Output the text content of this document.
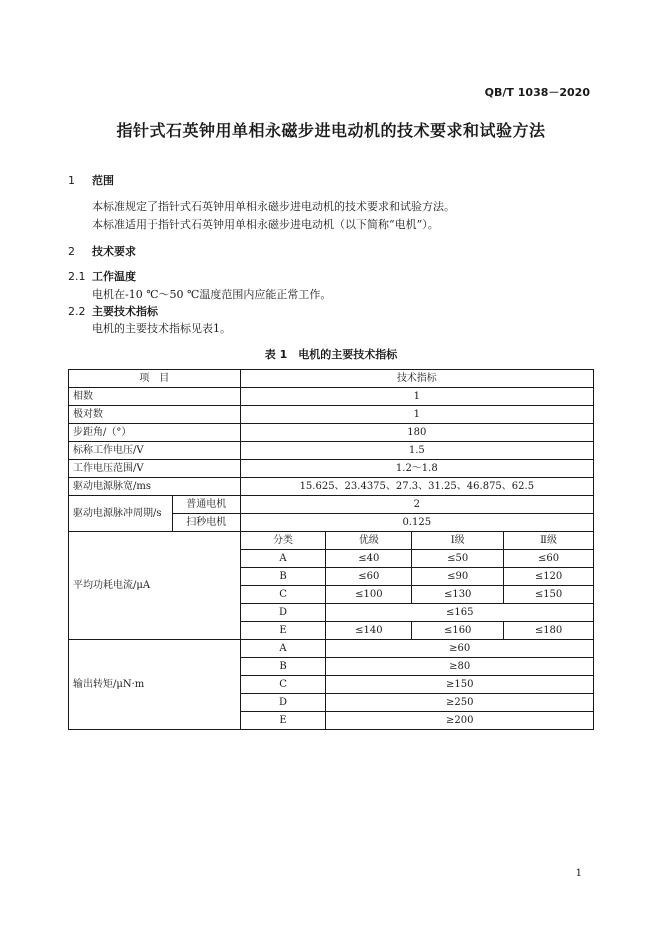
QB/T 1038－2020
指针式石英钟用单相永磁步进电动机的技术要求和试验方法
1 范围
本标准规定了指针式石英钟用单相永磁步进电动机的技术要求和试验方法。
本标准适用于指针式石英钟用单相永磁步进电动机（以下简称“电机”）。
2 技术要求
2.1 工作温度
电机在-10 ℃～50 ℃温度范围内应能正常工作。
2.2 主要技术指标
电机的主要技术指标见表1。
表 1　电机的主要技术指标
项　目		技术指标			
相数		1			
极对数		1			
步距角/（°）		180			
标称工作电压/V		1.5			
工作电压范围/V		1.2～1.8			
驱动电源脉宽/ms		15.625、23.4375、27.3、31.25、46.875、62.5			
驱动电源脉冲周期/s	普通电机	2			
	扫秒电机	0.125			
平均功耗电流/μA		分类	优级	Ⅰ级	Ⅱ级
		A	≤40	≤50	≤60
		B	≤60	≤90	≤120
		C	≤100	≤130	≤150
		D	≤165		
		E	≤140	≤160	≤180
输出转矩/μN·m		A	≥60		
		B	≥80		
		C	≥150		
		D	≥250		
		E	≥200		
1
